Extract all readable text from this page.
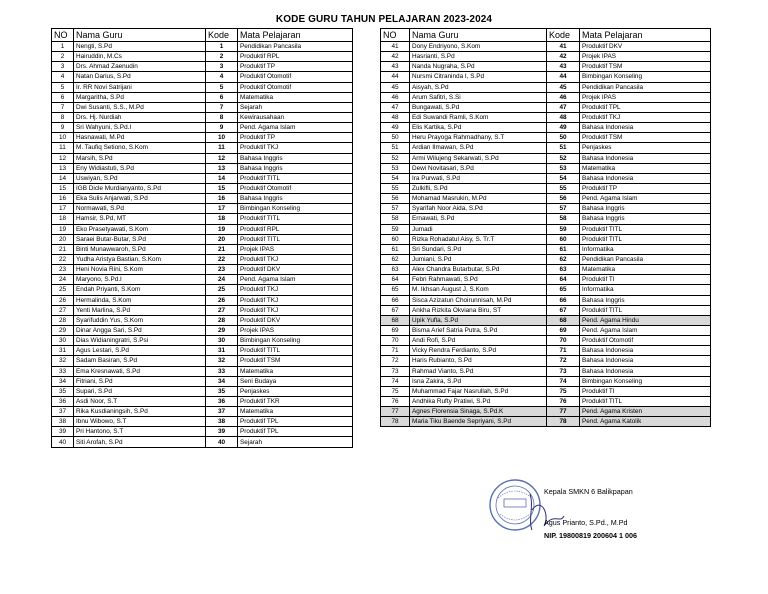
KODE GURU TAHUN PELAJARAN 2023-2024
NO	Nama Guru	Kode	Mata Pelajaran
1	Nengti, S.Pd	1	Pendidikan Pancasila
2	Hairuddin, M.Cs	2	Produktif RPL
3	Drs. Ahmad Zaenudin	3	Produktif TP
4	Natan Darius, S.Pd	4	Produktif Otomotif
5	Ir. RR Novi Satrijani	5	Produktif Otomotif
6	Margaritha, S.Pd	6	Matematika
7	Dwi Susanti, S.S., M.Pd	7	Sejarah
8	Drs. Hj. Nurdiah	8	Kewirausahaan
9	Sri Wahyuni, S.Pd.I	9	Pend. Agama Islam
10	Hasnawati, M.Pd	10	Produktif TP
11	M. Taufiq Setiono, S.Kom	11	Produktif TKJ
12	Marsih, S.Pd	12	Bahasa Inggris
13	Eny Widiastuti, S.Pd	13	Bahasa Inggris
14	Uswiyan, S.Pd	14	Produktif TITL
15	IGB Dicle Murdianyanto, S.Pd	15	Produktif Otomotif
16	Eka Sulis Anjarwati, S.Pd	16	Bahasa Inggris
17	Normawati, S.Pd	17	Bimbingan Konseling
18	Hamsir, S.Pd, MT	18	Produktif TITL
19	Eko Prasetyawati, S.Kom	19	Produktif RPL
20	Saraei Butar-Butar, S.Pd	20	Produktif TITL
21	Binti Munawwaroh, S.Pd	21	Projek IPAS
22	Yudha Aristya Bastian, S.Kom	22	Produktif TKJ
23	Heni Novia Rini, S.Kom	23	Produktif DKV
24	Maryono, S.Pd.I	24	Pend. Agama Islam
25	Endah Priyanti, S.Kom	25	Produktif TKJ
26	Hermalinda, S.Kom	26	Produktif TKJ
27	Yenti Marlina, S.Pd	27	Produktif TKJ
28	Syarifuddin Yus, S.Kom	28	Produktif DKV
29	Dinar Angga Sari, S.Pd	29	Projek IPAS
30	Dias Widianingratri, S.Psi	30	Bimbingan Konseling
31	Agus Lestari, S.Pd	31	Produktif TITL
32	Sadam Basiran, S.Pd	32	Produktif TSM
33	Ema Kresnawati, S.Pd	33	Matematika
34	Fitriani, S.Pd	34	Seni Budaya
35	Supari, S.Pd	35	Penjaskes
36	Asdi Noor, S.T	36	Produktif TKR
37	Rika Kusdianingsih, S.Pd	37	Matematika
38	Ibnu Wibowo, S.T	38	Produktif TPL
39	Pri Hantono, S.T	39	Produktif TPL
40	Siti Arofah, S.Pd	40	Sejarah
NO	Nama Guru	Kode	Mata Pelajaran
41	Dony Endriyono, S.Kom	41	Produktif DKV
42	Hasrianti, S.Pd	42	Projek IPAS
43	Nanda Nugraha, S.Pd	43	Produktif TSM
44	Nursmi Citraninda I, S.Pd	44	Bimbingan Konseling
45	Aisyah, S.Pd	45	Pendidikan Pancasila
46	Arum Safitri, S.Si	46	Projek IPAS
47	Bungawati, S.Pd	47	Produktif TPL
48	Edi Suwandi Ramli, S.Kom	48	Produktif TKJ
49	Elis Kartika, S.Pd	49	Bahasa Indonesia
50	Heru Prayoga Rahmadhany, S.T	50	Produktif TSM
51	Ardian Ilmawan, S.Pd	51	Penjaskes
52	Armi Wilujeng Sekarwati, S.Pd	52	Bahasa Indonesia
53	Dewi Novitasari, S.Pd	53	Matematika
54	Ira Purwati, S.Pd	54	Bahasa Indonesia
55	Zulkifli, S.Pd	55	Produktif TP
56	Mohamad Masrukin, M.Pd	56	Pend. Agama Islam
57	Syarifah Noor Aida, S.Pd	57	Bahasa Inggris
58	Ernawati, S.Pd	58	Bahasa Inggris
59	Jumadi	59	Produktif TITL
60	Rizka Rohadatul Aisy, S. Tr.T	60	Produktif TITL
61	Sri Sundari, S.Pd	61	Informatika
62	Jumiani, S.Pd	62	Pendidikan Pancasila
63	Alex Chandra Butarbutar, S.Pd	63	Matematika
64	Febri Rahmawati, S.Pd	64	Produktif TI
65	M. Ikhsan August J, S.Kom	65	Informatika
66	Sisca Azizatun Choirunnisah, M.Pd	66	Bahasa Inggris
67	Ankha Rizkita Okviana Biru, ST	67	Produktif TITL
68	Upik Yufla, S.Pd	68	Pend. Agama Hindu
69	Bisma Arief Satria Putra, S.Pd	69	Pend. Agama Islam
70	Andi Rofi, S.Pd	70	Produktif Otomotif
71	Vicky Rendra Ferdianto, S.Pd	71	Bahasa Indonesia
72	Haris Rubianto, S.Pd	72	Bahasa Indonesia
73	Rahmad Vianto, S.Pd	73	Bahasa Indonesia
74	Isna Zakira, S.Pd	74	Bimbingan Konseling
75	Muhammad Fajar Nasrullah, S.Pd	75	Produktif TI
76	Andhika Rufty Pratiwi, S.Pd	76	Produktif TITL
77	Agnes Florensia Sinaga, S.Pd.K	77	Pend. Agama Kristen
78	Maria Tiku Baende Sepriyani, S.Pd	78	Pend. Agama Katolik
Kepala SMKN 6 Balikpapan
Agus Prianto, S.Pd., M.Pd
NIP. 19800819 200604 1 006
